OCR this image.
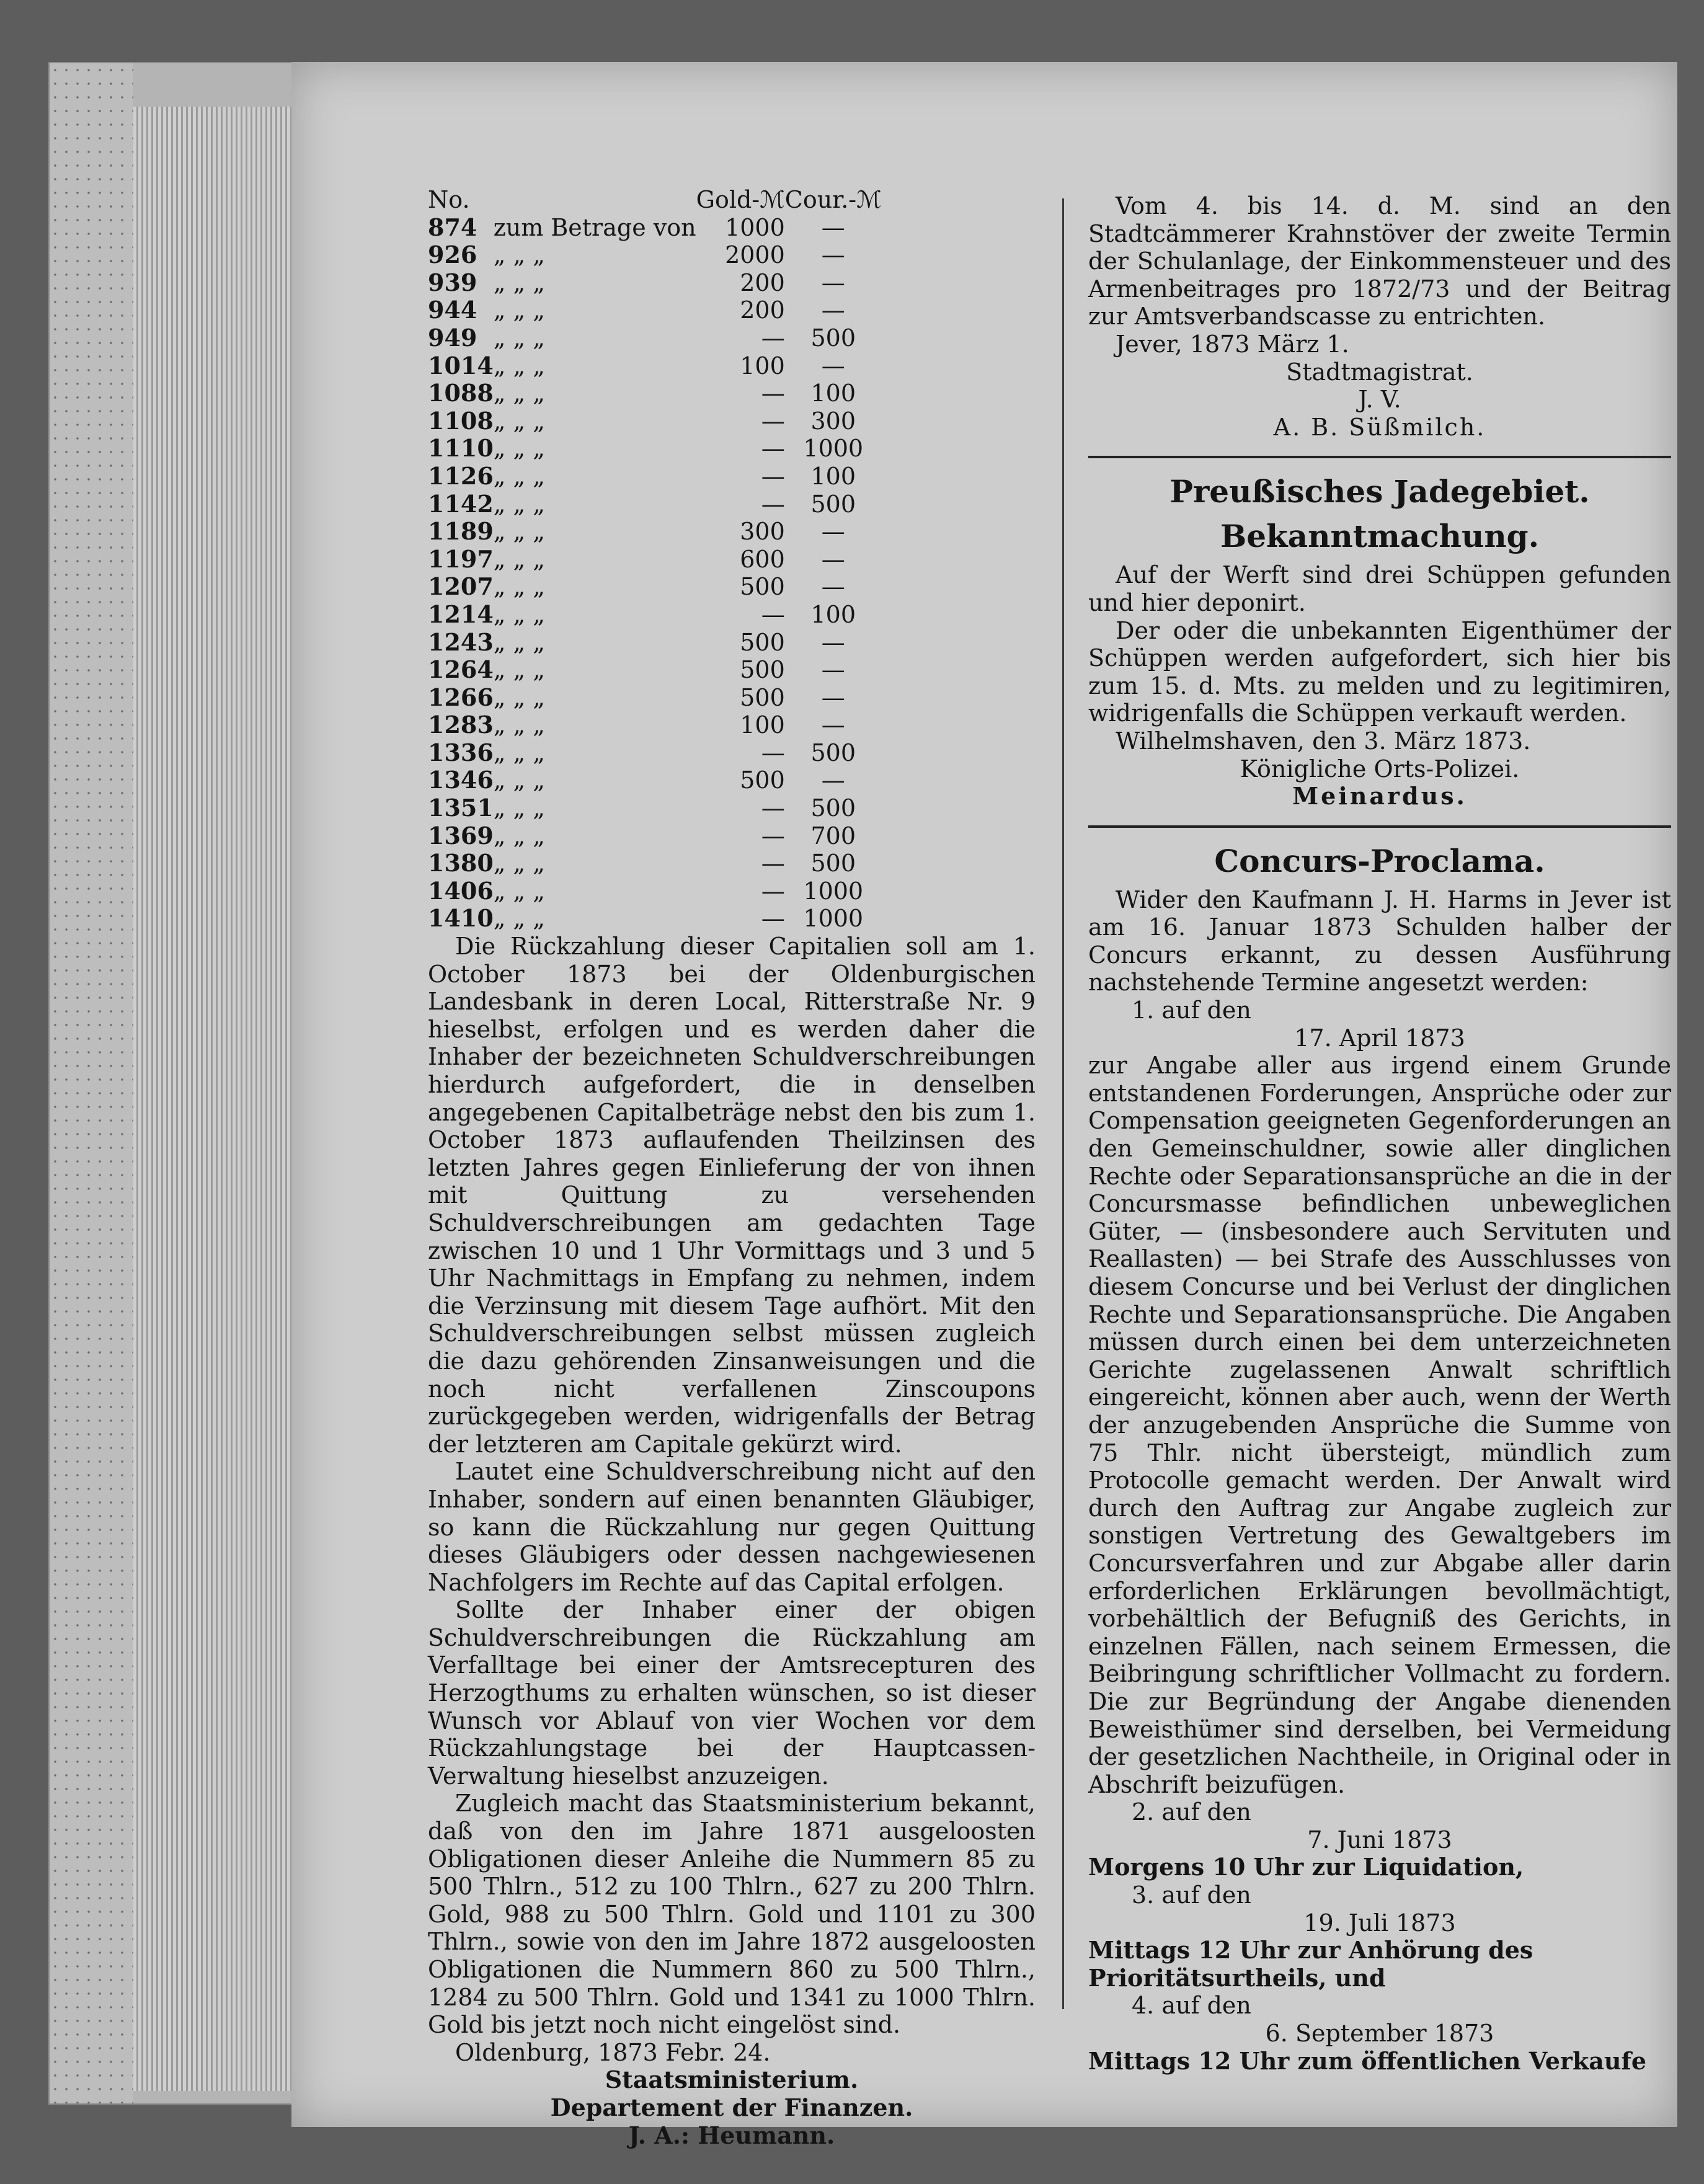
No.		Gold-ℳ	Cour.-ℳ
874	zum Betrage von	1000	—
926	„ „ „	2000	—
939	„ „ „	200	—
944	„ „ „	200	—
949	„ „ „	—	500
1014	„ „ „	100	—
1088	„ „ „	—	100
1108	„ „ „	—	300
1110	„ „ „	—	1000
1126	„ „ „	—	100
1142	„ „ „	—	500
1189	„ „ „	300	—
1197	„ „ „	600	—
1207	„ „ „	500	—
1214	„ „ „	—	100
1243	„ „ „	500	—
1264	„ „ „	500	—
1266	„ „ „	500	—
1283	„ „ „	100	—
1336	„ „ „	—	500
1346	„ „ „	500	—
1351	„ „ „	—	500
1369	„ „ „	—	700
1380	„ „ „	—	500
1406	„ „ „	—	1000
1410	„ „ „	—	1000

Die Rückzahlung dieser Capitalien soll am 1. October 1873 bei der Oldenburgischen Landesbank in deren Local, Ritterstraße Nr. 9 hieselbst, erfolgen und es werden daher die Inhaber der bezeichneten Schuldverschreibungen hierdurch aufgefordert, die in denselben angegebenen Capitalbeträge nebst den bis zum 1. October 1873 auflaufenden Theilzinsen des letzten Jahres gegen Einlieferung der von ihnen mit Quittung zu versehenden Schuldverschreibungen am gedachten Tage zwischen 10 und 1 Uhr Vormittags und 3 und 5 Uhr Nachmittags in Empfang zu nehmen, indem die Verzinsung mit diesem Tage aufhört. Mit den Schuldverschreibungen selbst müssen zugleich die dazu gehörenden Zinsanweisungen und die noch nicht verfallenen Zinscoupons zurückgegeben werden, widrigenfalls der Betrag der letzteren am Capitale gekürzt wird.

Lautet eine Schuldverschreibung nicht auf den Inhaber, sondern auf einen benannten Gläubiger, so kann die Rückzahlung nur gegen Quittung dieses Gläubigers oder dessen nachgewiesenen Nachfolgers im Rechte auf das Capital erfolgen.

Sollte der Inhaber einer der obigen Schuldverschreibungen die Rückzahlung am Verfalltage bei einer der Amtsrecepturen des Herzogthums zu erhalten wünschen, so ist dieser Wunsch vor Ablauf von vier Wochen vor dem Rückzahlungstage bei der Hauptcassen-Verwaltung hieselbst anzuzeigen.

Zugleich macht das Staatsministerium bekannt, daß von den im Jahre 1871 ausgeloosten Obligationen dieser Anleihe die Nummern 85 zu 500 Thlrn., 512 zu 100 Thlrn., 627 zu 200 Thlrn. Gold, 988 zu 500 Thlrn. Gold und 1101 zu 300 Thlrn., sowie von den im Jahre 1872 ausgeloosten Obligationen die Nummern 860 zu 500 Thlrn., 1284 zu 500 Thlrn. Gold und 1341 zu 1000 Thlrn. Gold bis jetzt noch nicht eingelöst sind.

Oldenburg, 1873 Febr. 24.

Staatsministerium.
Departement der Finanzen.
J. A.: Heumann.

Vom 4. bis 14. d. M. sind an den Stadtcämmerer Krahnstöver der zweite Termin der Schulanlage, der Einkommensteuer und des Armenbeitrages pro 1872/73 und der Beitrag zur Amtsverbandscasse zu entrichten.

Jever, 1873 März 1.

Stadtmagistrat.
J. V.
A. B. Süßmilch.
Preußisches Jadegebiet.
Bekanntmachung.

Auf der Werft sind drei Schüppen gefunden und hier deponirt.

Der oder die unbekannten Eigenthümer der Schüppen werden aufgefordert, sich hier bis zum 15. d. Mts. zu melden und zu legitimiren, widrigenfalls die Schüppen verkauft werden.

Wilhelmshaven, den 3. März 1873.

Königliche Orts-Polizei.
Meinardus.
Concurs-Proclama.

Wider den Kaufmann J. H. Harms in Jever ist am 16. Januar 1873 Schulden halber der Concurs erkannt, zu dessen Ausführung nachstehende Termine angesetzt werden:

1. auf den
17. April 1873

zur Angabe aller aus irgend einem Grunde entstandenen Forderungen, Ansprüche oder zur Compensation geeigneten Gegenforderungen an den Gemeinschuldner, sowie aller dinglichen Rechte oder Separationsansprüche an die in der Concursmasse befindlichen unbeweglichen Güter, — (insbesondere auch Servituten und Reallasten) — bei Strafe des Ausschlusses von diesem Concurse und bei Verlust der dinglichen Rechte und Separationsansprüche. Die Angaben müssen durch einen bei dem unterzeichneten Gerichte zugelassenen Anwalt schriftlich eingereicht, können aber auch, wenn der Werth der anzugebenden Ansprüche die Summe von 75 Thlr. nicht übersteigt, mündlich zum Protocolle gemacht werden. Der Anwalt wird durch den Auftrag zur Angabe zugleich zur sonstigen Vertretung des Gewaltgebers im Concursverfahren und zur Abgabe aller darin erforderlichen Erklärungen bevollmächtigt, vorbehältlich der Befugniß des Gerichts, in einzelnen Fällen, nach seinem Ermessen, die Beibringung schriftlicher Vollmacht zu fordern. Die zur Begründung der Angabe dienenden Beweisthümer sind derselben, bei Vermeidung der gesetzlichen Nachtheile, in Original oder in Abschrift beizufügen.

2. auf den
7. Juni 1873
Morgens 10 Uhr zur Liquidation,
3. auf den
19. Juli 1873
Mittags 12 Uhr zur Anhörung des Prioritätsurtheils, und
4. auf den
6. September 1873
Mittags 12 Uhr zum öffentlichen Verkaufe
